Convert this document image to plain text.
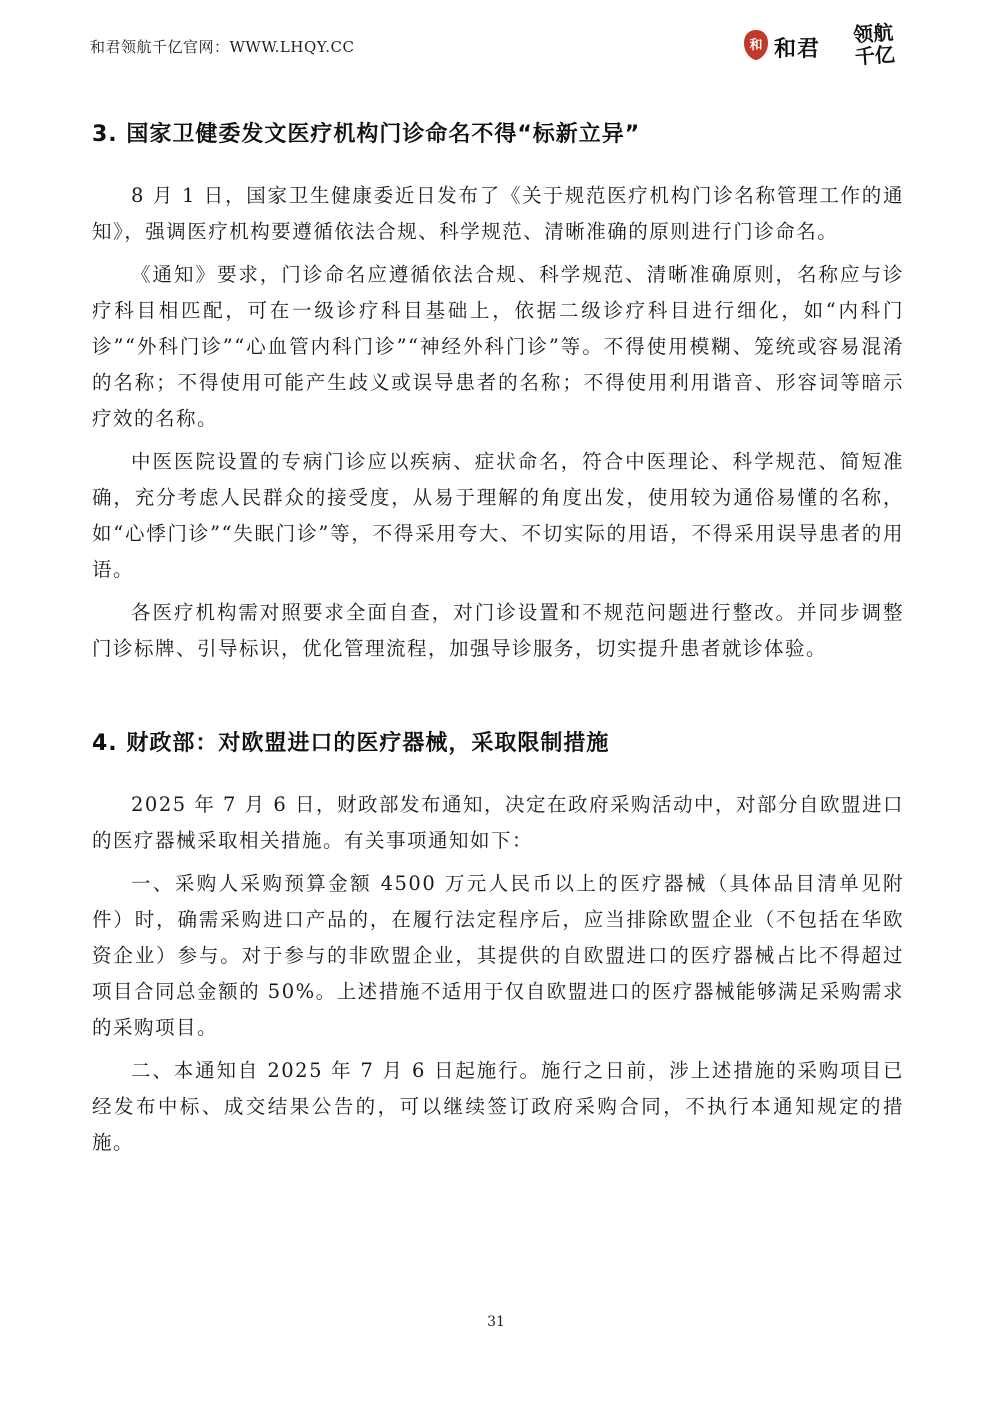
和君领航千亿官网：WWW.LHQY.CC	和 和君
领航
千亿
3. 国家卫健委发文医疗机构门诊命名不得“标新立异”

8 月 1 日，国家卫生健康委近日发布了《关于规范医疗机构门诊名称管理工作的通知》，强调医疗机构要遵循依法合规、科学规范、清晰准确的原则进行门诊命名。

《通知》要求，门诊命名应遵循依法合规、科学规范、清晰准确原则，名称应与诊疗科目相匹配，可在一级诊疗科目基础上，依据二级诊疗科目进行细化，如“内科门诊”“外科门诊”“心血管内科门诊”“神经外科门诊”等。不得使用模糊、笼统或容易混淆的名称；不得使用可能产生歧义或误导患者的名称；不得使用利用谐音、形容词等暗示疗效的名称。

中医医院设置的专病门诊应以疾病、症状命名，符合中医理论、科学规范、简短准确，充分考虑人民群众的接受度，从易于理解的角度出发，使用较为通俗易懂的名称，如“心悸门诊”“失眠门诊”等，不得采用夸大、不切实际的用语，不得采用误导患者的用语。

各医疗机构需对照要求全面自查，对门诊设置和不规范问题进行整改。并同步调整门诊标牌、引导标识，优化管理流程，加强导诊服务，切实提升患者就诊体验。

4. 财政部：对欧盟进口的医疗器械，采取限制措施

2025 年 7 月 6 日，财政部发布通知，决定在政府采购活动中，对部分自欧盟进口的医疗器械采取相关措施。有关事项通知如下：

一、采购人采购预算金额 4500 万元人民币以上的医疗器械（具体品目清单见附件）时，确需采购进口产品的，在履行法定程序后，应当排除欧盟企业（不包括在华欧资企业）参与。对于参与的非欧盟企业，其提供的自欧盟进口的医疗器械占比不得超过项目合同总金额的 50%。上述措施不适用于仅自欧盟进口的医疗器械能够满足采购需求的采购项目。

二、本通知自 2025 年 7 月 6 日起施行。施行之日前，涉上述措施的采购项目已经发布中标、成交结果公告的，可以继续签订政府采购合同，不执行本通知规定的措施。

31
